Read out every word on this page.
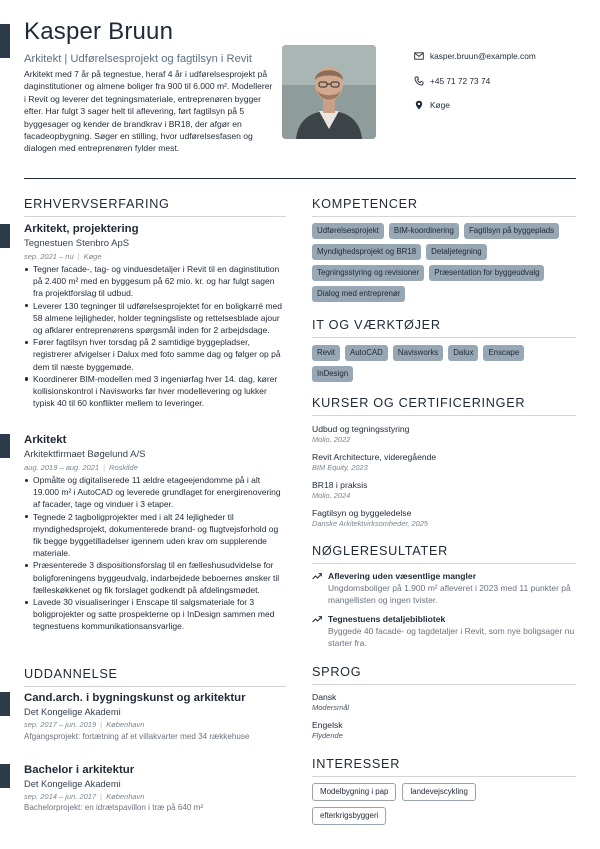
Kasper Bruun
Arkitekt | Udførelsesprojekt og fagtilsyn i Revit
Arkitekt med 7 år på tegnestue, heraf 4 år i udførelsesprojekt på daginstitutioner og almene boliger fra 900 til 6.000 m². Modellerer i Revit og leverer det tegningsmateriale, entreprenøren bygger efter. Har fulgt 3 sager helt til aflevering, ført fagtilsyn på 5 byggesager og kender de brandkrav i BR18, der afgør en facadeopbygning. Søger en stilling, hvor udførelsesfasen og dialogen med entreprenøren fylder mest.
kasper.bruun@example.com
+45 71 72 73 74
Køge
ERHVERVSERFARING
Arkitekt, projektering
Tegnestuen Stenbro ApS
sep. 2021 – nu | Køge
Tegner facade-, tag- og vinduesdetaljer i Revit til en daginstitution på 2.400 m² med en byggesum på 62 mio. kr. og har fulgt sagen fra projektforslag til udbud.
Leverer 130 tegninger til udførelsesprojektet for en boligkarré med 58 almene lejligheder, holder tegningsliste og rettelsesblade ajour og afklarer entreprenørens spørgsmål inden for 2 arbejdsdage.
Fører fagtilsyn hver torsdag på 2 samtidige byggepladser, registrerer afvigelser i Dalux med foto samme dag og følger op på dem til næste byggemøde.
Koordinerer BIM-modellen med 3 ingeniørfag hver 14. dag, kører kollisionskontrol i Navisworks før hver modellevering og lukker typisk 40 til 60 konflikter mellem to leveringer.
Arkitekt
Arkitektfirmaet Bøgelund A/S
aug. 2019 – aug. 2021 | Roskilde
Opmålte og digitaliserede 11 ældre etageejendomme på i alt 19.000 m² i AutoCAD og leverede grundlaget for energirenovering af facader, tage og vinduer i 3 etaper.
Tegnede 2 tagboligprojekter med i alt 24 lejligheder til myndighedsprojekt, dokumenterede brand- og flugtvejsforhold og fik begge byggetilladelser igennem uden krav om supplerende materiale.
Præsenterede 3 dispositionsforslag til en fælleshusudvidelse for boligforeningens byggeudvalg, indarbejdede beboernes ønsker til fælleskøkkenet og fik forslaget godkendt på afdelingsmødet.
Lavede 30 visualiseringer i Enscape til salgsmateriale for 3 boligprojekter og satte prospekterne op i InDesign sammen med tegnestuens kommunikationsansvarlige.
UDDANNELSE
Cand.arch. i bygningskunst og arkitektur
Det Kongelige Akademi
sep. 2017 – jun. 2019 | København
Afgangsprojekt: fortætning af et villakvarter med 34 rækkehuse
Bachelor i arkitektur
Det Kongelige Akademi
sep. 2014 – jun. 2017 | København
Bachelorprojekt: en idrætspavillon i træ på 640 m²
KOMPETENCER
Udførelsesprojekt	BIM-koordinering	Fagtilsyn på byggeplads
Myndighedsprojekt og BR18	Detaljetegning
Tegningsstyring og revisioner	Præsentation for byggeudvalg
Dialog med entreprenør
IT OG VÆRKTØJER
Revit	AutoCAD	Navisworks	Dalux	Enscape
InDesign
KURSER OG CERTIFICERINGER
Udbud og tegningsstyring
Molio, 2022
Revit Architecture, videregående
BIM Equity, 2023
BR18 i praksis
Molio, 2024
Fagtilsyn og byggeledelse
Danske Arkitektvirksomheder, 2025
NØGLERESULTATER
Aflevering uden væsentlige mangler
Ungdomsboliger på 1.900 m² afleveret i 2023 med 11 punkter på mangellisten og ingen tvister.
Tegnestuens detaljebibliotek
Byggede 40 facade- og tagdetaljer i Revit, som nye boligsager nu starter fra.
SPROG
Dansk
Modersmål
Engelsk
Flydende
INTERESSER
Modelbygning i pap	landevejscykling
efterkrigsbyggeri
